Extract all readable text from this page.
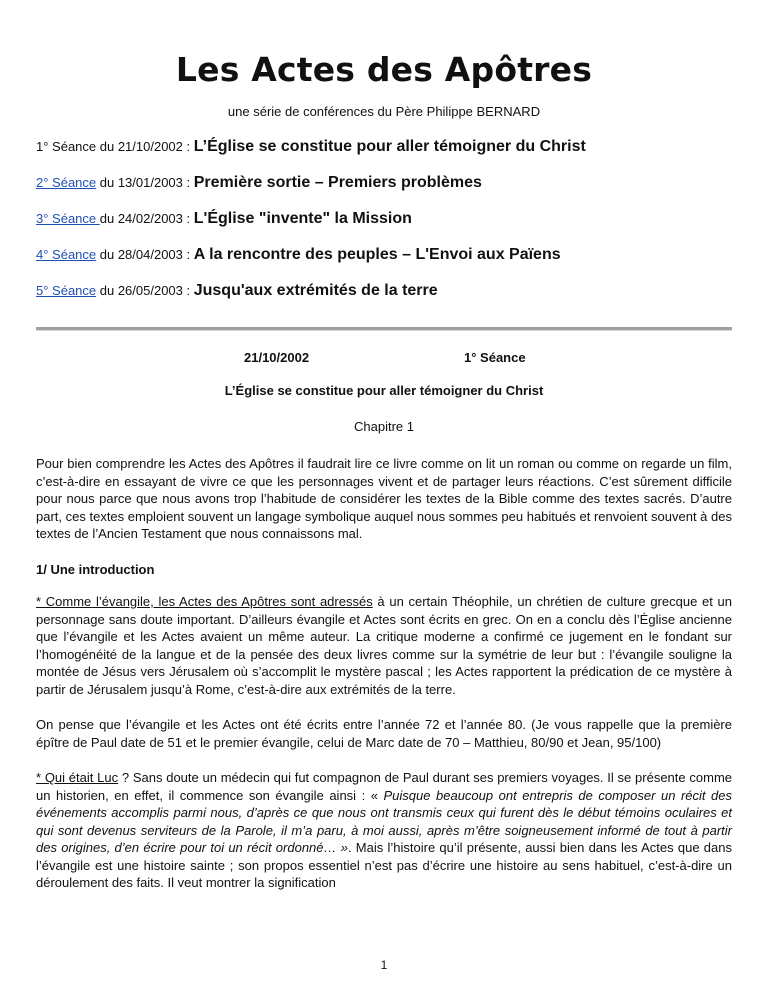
Les Actes des Apôtres

une série de conférences du Père Philippe BERNARD

1° Séance du 21/10/2002 : L’Église se constitue pour aller témoigner du Christ
2° Séance du 13/01/2003 : Première sortie – Premiers problèmes
3° Séance du 24/02/2003 : L'Église "invente" la Mission
4° Séance du 28/04/2003 : A la rencontre des peuples – L'Envoi aux Païens
5° Séance du 26/05/2003 : Jusqu'aux extrémités de la terre
21/10/2002	1° Séance
L’Église se constitue pour aller témoigner du Christ
Chapitre 1

Pour bien comprendre les Actes des Apôtres il faudrait lire ce livre comme on lit un roman ou comme on regarde un film, c’est-à-dire en essayant de vivre ce que les personnages vivent et de partager leurs réactions. C’est sûrement difficile pour nous parce que nous avons trop l’habitude de considérer les textes de la Bible comme des textes sacrés. D’autre part, ces textes emploient souvent un langage symbolique auquel nous sommes peu habitués et renvoient souvent à des textes de l’Ancien Testament que nous connaissons mal.

1/ Une introduction

* Comme l’évangile, les Actes des Apôtres sont adressés à un certain Théophile, un chrétien de culture grecque et un personnage sans doute important. D’ailleurs évangile et Actes sont écrits en grec. On en a conclu dès l’Église ancienne que l’évangile et les Actes avaient un même auteur. La critique moderne a confirmé ce jugement en le fondant sur l’homogénéité de la langue et de la pensée des deux livres comme sur la symétrie de leur but : l’évangile souligne la montée de Jésus vers Jérusalem où s’accomplit le mystère pascal ; les Actes rapportent la prédication de ce mystère à partir de Jérusalem jusqu’à Rome, c’est-à-dire aux extrémités de la terre.

On pense que l’évangile et les Actes ont été écrits entre l’année 72 et l’année 80. (Je vous rappelle que la première épître de Paul date de 51 et le premier évangile, celui de Marc date de 70 – Matthieu, 80/90 et Jean, 95/100)

* Qui était Luc ? Sans doute un médecin qui fut compagnon de Paul durant ses premiers voyages. Il se présente comme un historien, en effet, il commence son évangile ainsi : « Puisque beaucoup ont entrepris de composer un récit des événements accomplis parmi nous, d’après ce que nous ont transmis ceux qui furent dès le début témoins oculaires et qui sont devenus serviteurs de la Parole, il m’a paru, à moi aussi, après m’être soigneusement informé de tout à partir des origines, d’en écrire pour toi un récit ordonné… ». Mais l’histoire qu’il présente, aussi bien dans les Actes que dans l’évangile est une histoire sainte ; son propos essentiel n’est pas d’écrire une histoire au sens habituel, c’est-à-dire un déroulement des faits. Il veut montrer la signification

1
